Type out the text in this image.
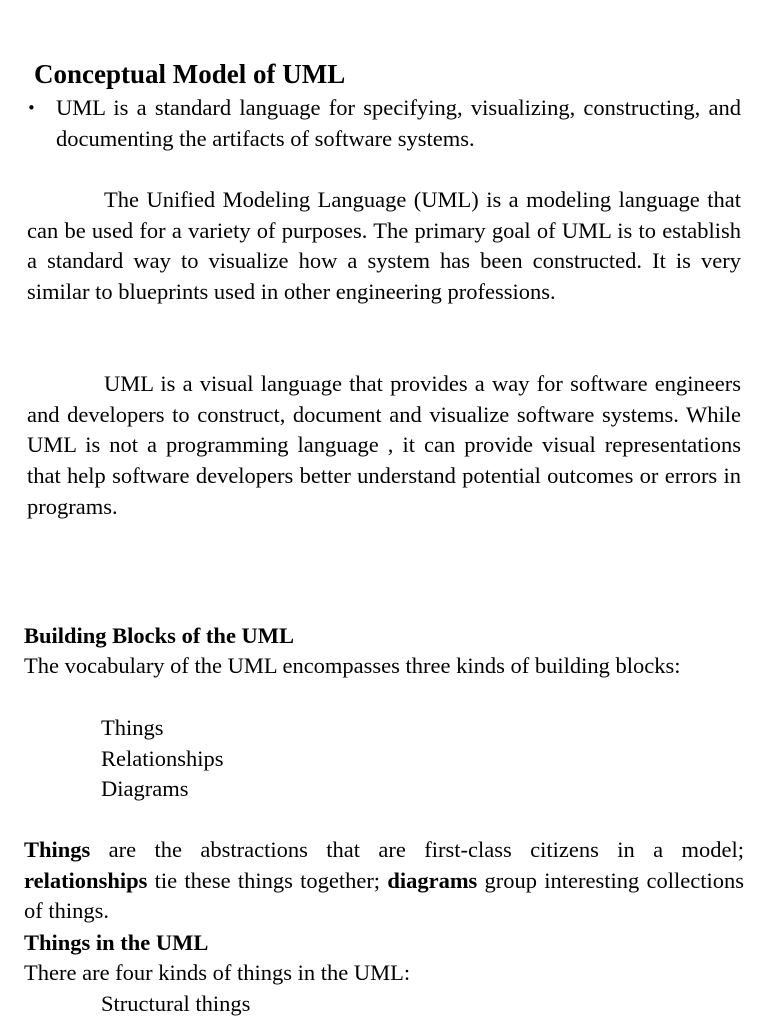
Conceptual Model of UML
• UML is a standard language for specifying, visualizing, constructing, and documenting the artifacts of software systems.

The Unified Modeling Language (UML) is a modeling language that can be used for a variety of purposes. The primary goal of UML is to establish a standard way to visualize how a system has been constructed. It is very similar to blueprints used in other engineering professions.

UML is a visual language that provides a way for software engineers and developers to construct, document and visualize software systems. While UML is not a programming language , it can provide visual representations that help software developers better understand potential outcomes or errors in programs.

Building Blocks of the UML

The vocabulary of the UML encompasses three kinds of building blocks:

Things
Relationships
Diagrams

Things are the abstractions that are first-class citizens in a model; relationships tie these things together; diagrams group interesting collections of things.

Things in the UML

There are four kinds of things in the UML:

Structural things
